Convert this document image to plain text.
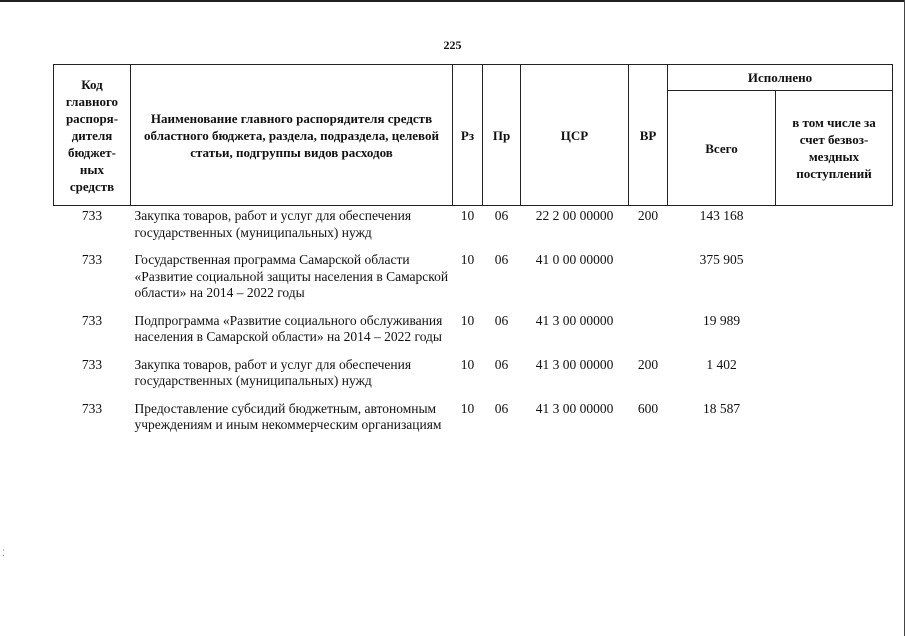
225
Код главного распоря-дителя бюджет-ных средств	Наименование главного распорядителя средств областного бюджета, раздела, подраздела, целевой статьи, подгруппы видов расходов	Рз	Пр	ЦСР	ВР	Исполнено	
						Всего	в том числе за счет безвоз-мездных поступлений
733	Закупка товаров, работ и услуг для обеспечения государственных (муниципальных) нужд	10	06	22 2 00 00000	200	143 168	
733	Государственная программа Самарской области «Развитие социальной защиты населения в Самарской области» на 2014 – 2022 годы	10	06	41 0 00 00000		375 905	
733	Подпрограмма «Развитие социального обслуживания населения в Самарской области» на 2014 – 2022 годы	10	06	41 3 00 00000		19 989	
733	Закупка товаров, работ и услуг для обеспечения государственных (муниципальных) нужд	10	06	41 3 00 00000	200	1 402	
733	Предоставление субсидий бюджетным, автономным учреждениям и иным некоммерческим организациям	10	06	41 3 00 00000	600	18 587	
⁚
